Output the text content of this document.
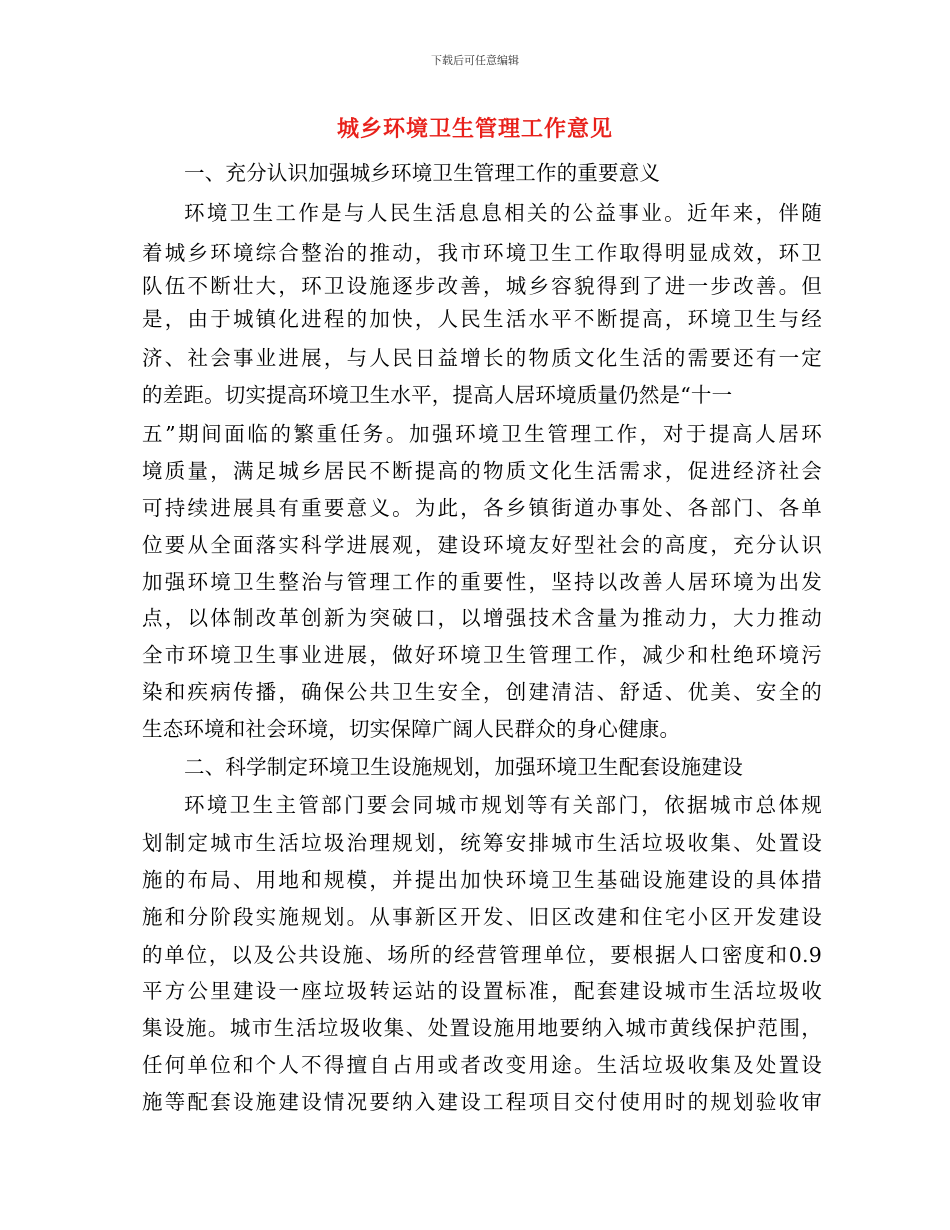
下载后可任意编辑
城乡环境卫生管理工作意见
一、充分认识加强城乡环境卫生管理工作的重要意义
环境卫生工作是与人民生活息息相关的公益事业。近年来，伴随
着城乡环境综合整治的推动，我市环境卫生工作取得明显成效，环卫
队伍不断壮大，环卫设施逐步改善，城乡容貌得到了进一步改善。但
是，由于城镇化进程的加快，人民生活水平不断提高，环境卫生与经
济、社会事业进展，与人民日益增长的物质文化生活的需要还有一定
的差距。切实提高环境卫生水平，提高人居环境质量仍然是“十一
五”期间面临的繁重任务。加强环境卫生管理工作，对于提高人居环
境质量，满足城乡居民不断提高的物质文化生活需求，促进经济社会
可持续进展具有重要意义。为此，各乡镇街道办事处、各部门、各单
位要从全面落实科学进展观，建设环境友好型社会的高度，充分认识
加强环境卫生整治与管理工作的重要性，坚持以改善人居环境为出发
点，以体制改革创新为突破口，以增强技术含量为推动力，大力推动
全市环境卫生事业进展，做好环境卫生管理工作，减少和杜绝环境污
染和疾病传播，确保公共卫生安全，创建清洁、舒适、优美、安全的
生态环境和社会环境，切实保障广阔人民群众的身心健康。
二、科学制定环境卫生设施规划，加强环境卫生配套设施建设
环境卫生主管部门要会同城市规划等有关部门，依据城市总体规
划制定城市生活垃圾治理规划，统筹安排城市生活垃圾收集、处置设
施的布局、用地和规模，并提出加快环境卫生基础设施建设的具体措
施和分阶段实施规划。从事新区开发、旧区改建和住宅小区开发建设
的单位，以及公共设施、场所的经营管理单位，要根据人口密度和0.9
平方公里建设一座垃圾转运站的设置标准，配套建设城市生活垃圾收
集设施。城市生活垃圾收集、处置设施用地要纳入城市黄线保护范围，
任何单位和个人不得擅自占用或者改变用途。生活垃圾收集及处置设
施等配套设施建设情况要纳入建设工程项目交付使用时的规划验收审
